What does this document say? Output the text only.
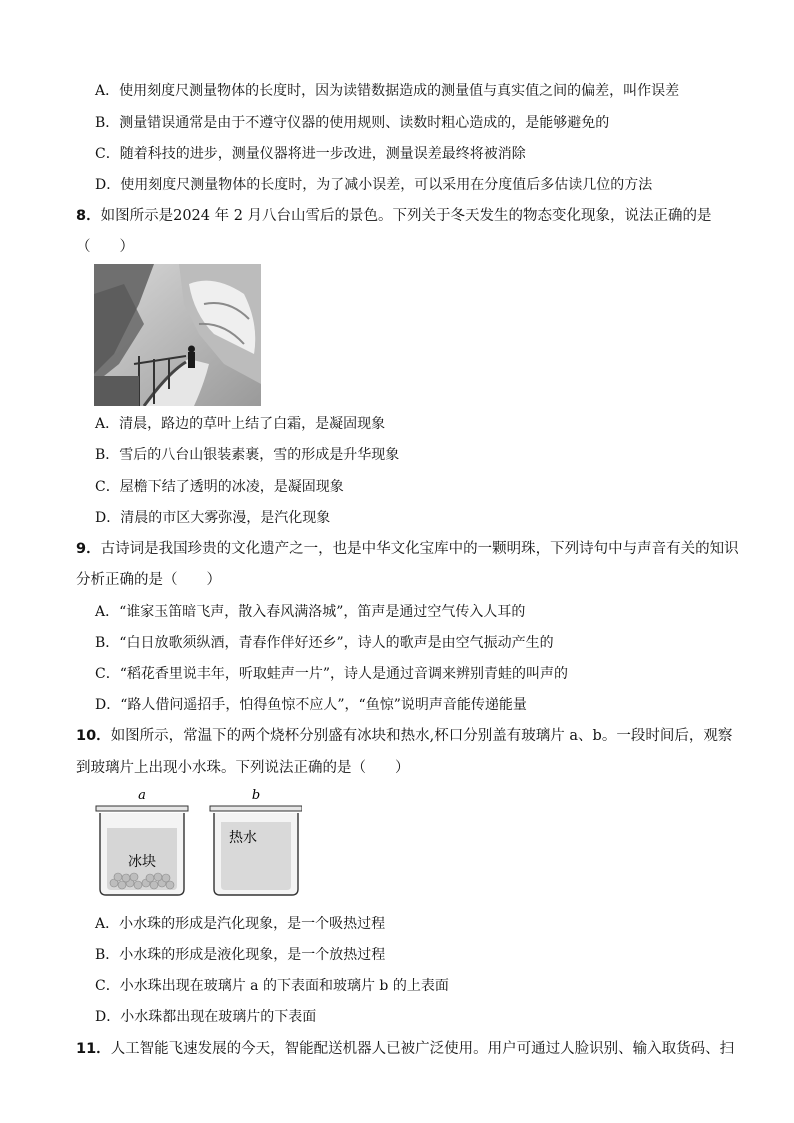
A．使用刻度尺测量物体的长度时，因为读错数据造成的测量值与真实值之间的偏差，叫作误差
B．测量错误通常是由于不遵守仪器的使用规则、读数时粗心造成的，是能够避免的
C．随着科技的进步，测量仪器将进一步改进，测量误差最终将被消除
D．使用刻度尺测量物体的长度时，为了减小误差，可以采用在分度值后多估读几位的方法
8．如图所示是2024 年 2 月八台山雪后的景色。下列关于冬天发生的物态变化现象，说法正确的是
（　　）
A．清晨，路边的草叶上结了白霜，是凝固现象
B．雪后的八台山银装素裹，雪的形成是升华现象
C．屋檐下结了透明的冰凌，是凝固现象
D．清晨的市区大雾弥漫，是汽化现象
9．古诗词是我国珍贵的文化遗产之一，也是中华文化宝库中的一颗明珠，下列诗句中与声音有关的知识
分析正确的是（　　）
A．“谁家玉笛暗飞声，散入春风满洛城”，笛声是通过空气传入人耳的
B．“白日放歌须纵酒，青春作伴好还乡”，诗人的歌声是由空气振动产生的
C．“稻花香里说丰年，听取蛙声一片”，诗人是通过音调来辨别青蛙的叫声的
D．“路人借问遥招手，怕得鱼惊不应人”，“鱼惊”说明声音能传递能量
10．如图所示，常温下的两个烧杯分别盛有冰块和热水,杯口分别盖有玻璃片 a、b。一段时间后，观察
到玻璃片上出现小水珠。下列说法正确的是（　　）
a	b
冰块
热水
A．小水珠的形成是汽化现象，是一个吸热过程
B．小水珠的形成是液化现象，是一个放热过程
C．小水珠出现在玻璃片 a 的下表面和玻璃片 b 的上表面
D．小水珠都出现在玻璃片的下表面
11．人工智能飞速发展的今天，智能配送机器人已被广泛使用。用户可通过人脸识别、输入取货码、扫
